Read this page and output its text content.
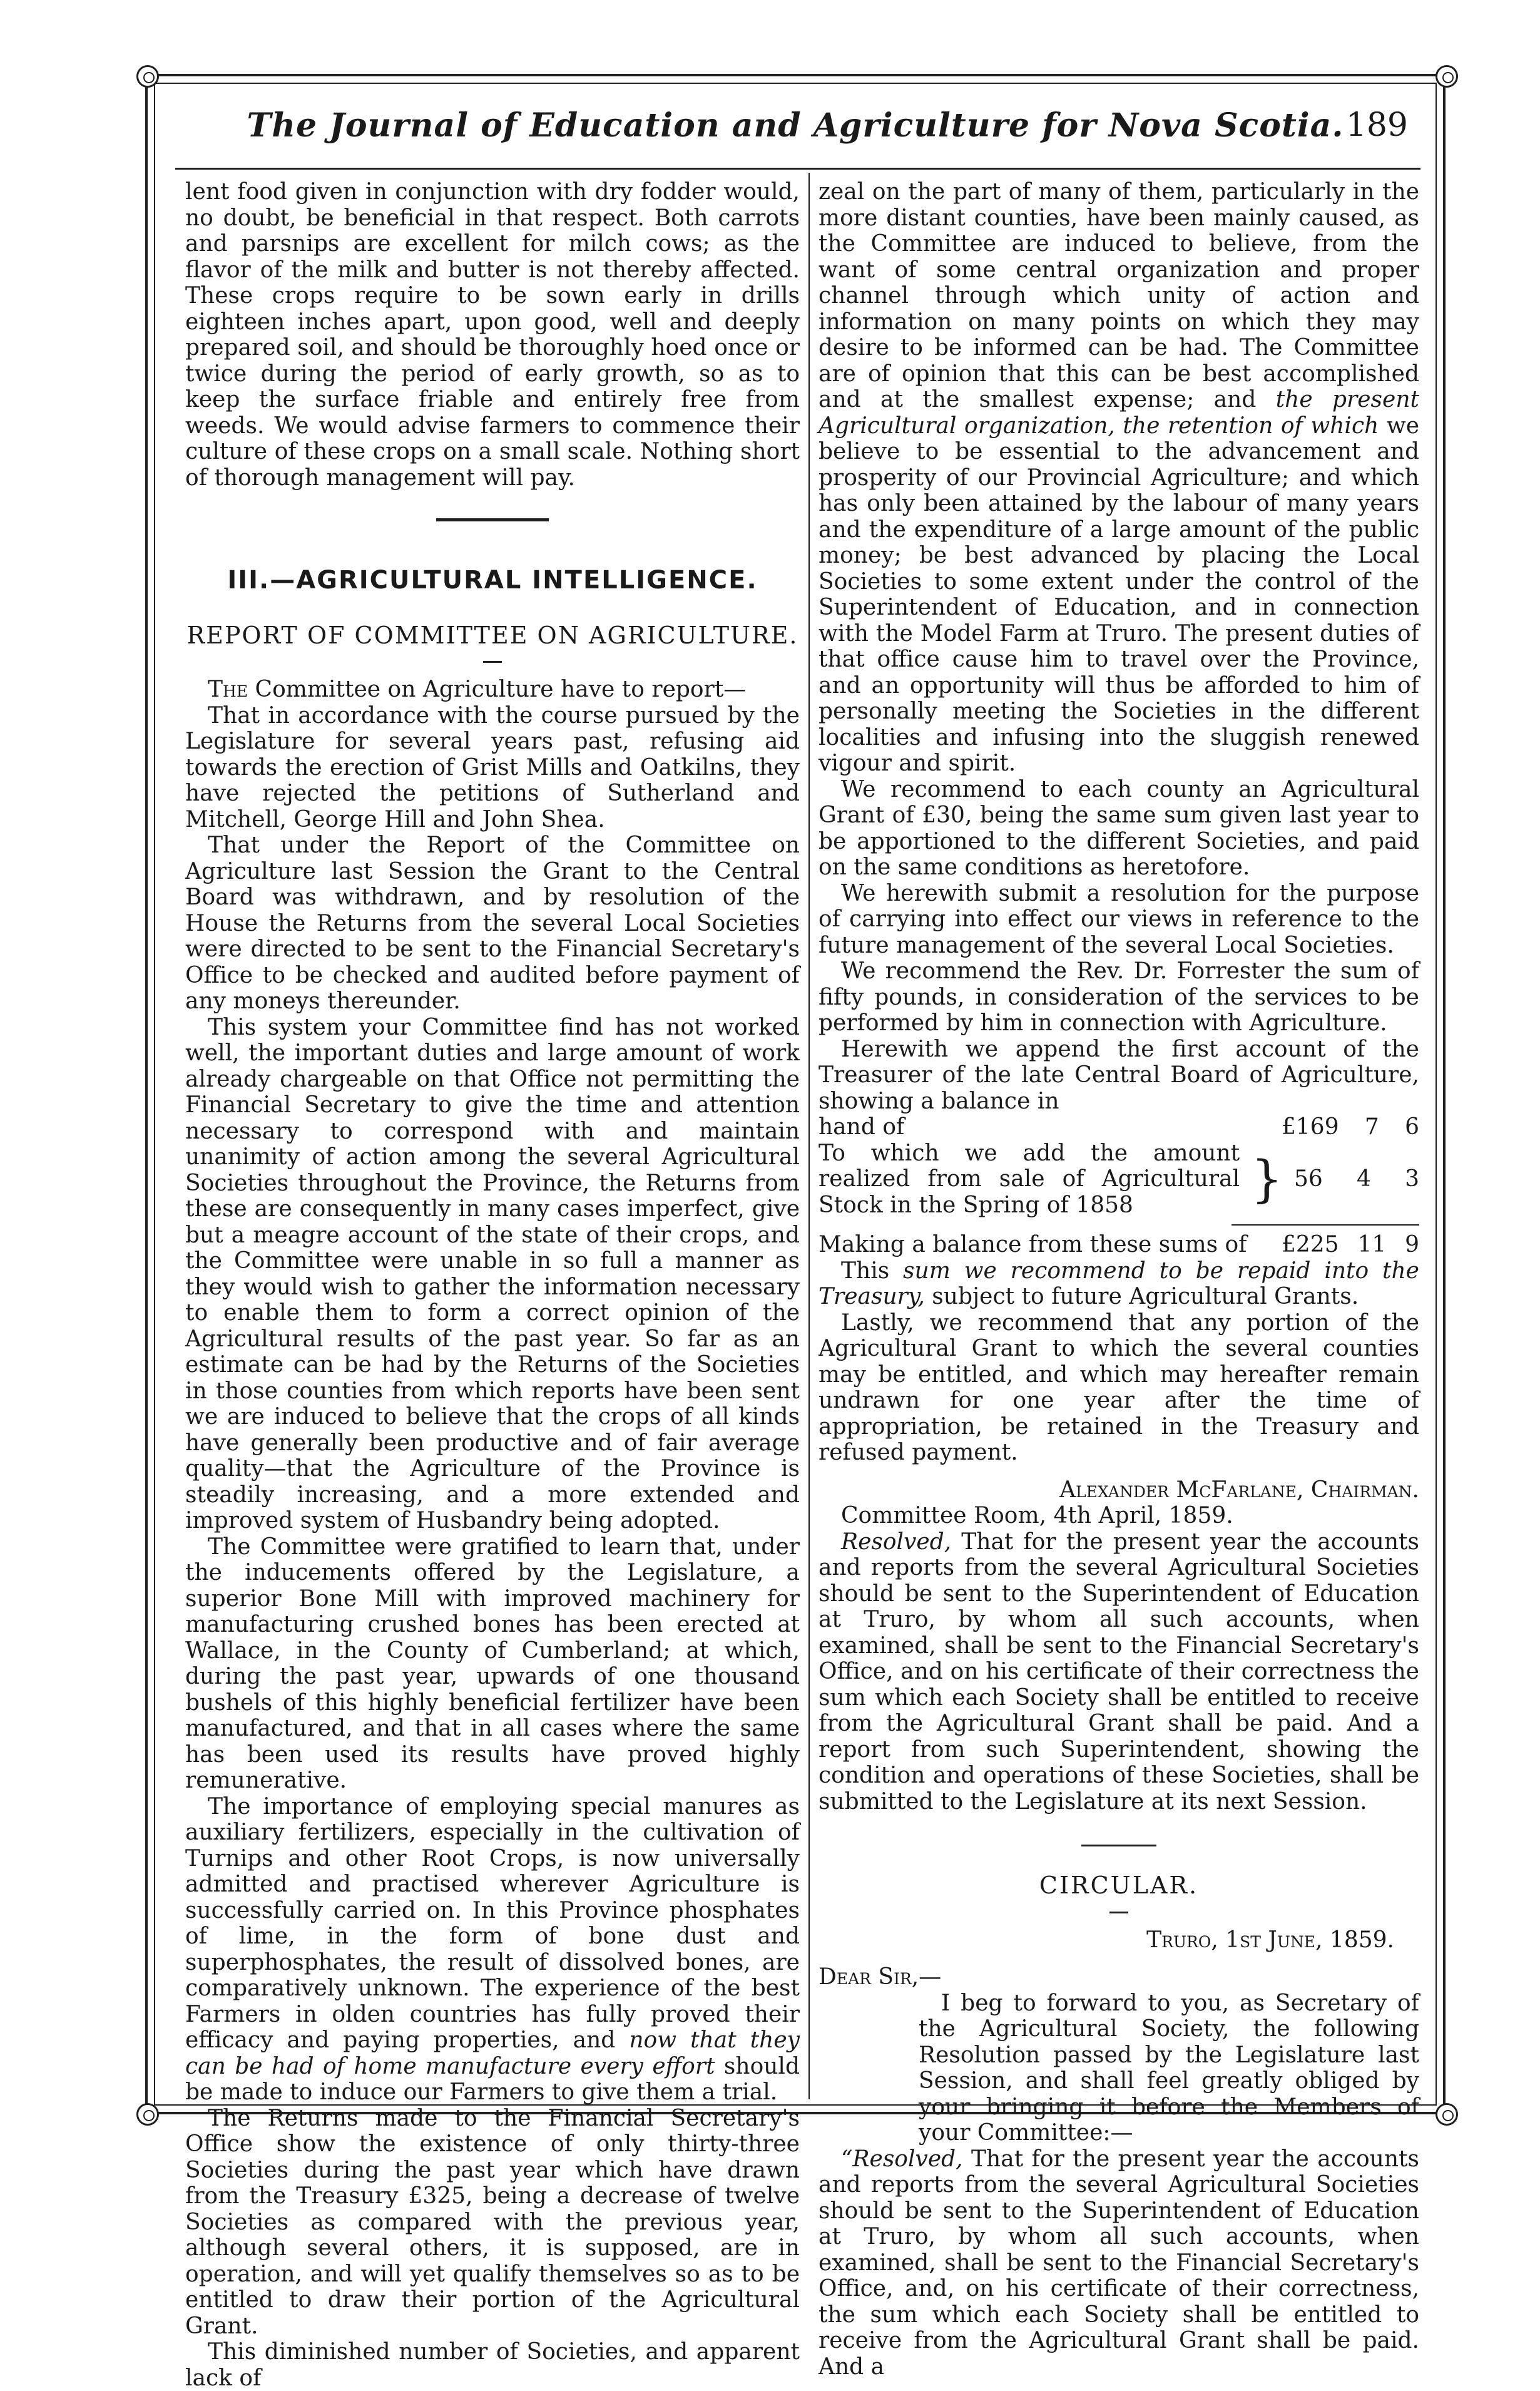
The Journal of Education and Agriculture for Nova Scotia. 189

lent food given in conjunction with dry fodder would, no doubt, be beneficial in that respect. Both carrots and parsnips are excellent for milch cows; as the flavor of the milk and butter is not thereby affected. These crops require to be sown early in drills eighteen inches apart, upon good, well and deeply prepared soil, and should be thoroughly hoed once or twice during the period of early growth, so as to keep the surface friable and entirely free from weeds. We would advise farmers to commence their culture of these crops on a small scale. Nothing short of thorough management will pay.

III.—AGRICULTURAL INTELLIGENCE.
REPORT OF COMMITTEE ON AGRICULTURE.

The Committee on Agriculture have to report—

That in accordance with the course pursued by the Legislature for several years past, refusing aid towards the erection of Grist Mills and Oatkilns, they have rejected the petitions of Sutherland and Mitchell, George Hill and John Shea.

That under the Report of the Committee on Agriculture last Session the Grant to the Central Board was withdrawn, and by resolution of the House the Returns from the several Local Societies were directed to be sent to the Financial Secretary's Office to be checked and audited before payment of any moneys thereunder.

This system your Committee find has not worked well, the important duties and large amount of work already chargeable on that Office not permitting the Financial Secretary to give the time and attention necessary to correspond with and maintain unanimity of action among the several Agricultural Societies throughout the Province, the Returns from these are consequently in many cases imperfect, give but a meagre account of the state of their crops, and the Committee were unable in so full a manner as they would wish to gather the information necessary to enable them to form a correct opinion of the Agricultural results of the past year. So far as an estimate can be had by the Returns of the Societies in those counties from which reports have been sent we are induced to believe that the crops of all kinds have generally been productive and of fair average quality—that the Agriculture of the Province is steadily increasing, and a more extended and improved system of Husbandry being adopted.

The Committee were gratified to learn that, under the inducements offered by the Legislature, a superior Bone Mill with improved machinery for manufacturing crushed bones has been erected at Wallace, in the County of Cumberland; at which, during the past year, upwards of one thousand bushels of this highly beneficial fertilizer have been manufactured, and that in all cases where the same has been used its results have proved highly remunerative.

The importance of employing special manures as auxiliary fertilizers, especially in the cultivation of Turnips and other Root Crops, is now universally admitted and practised wherever Agriculture is successfully carried on. In this Province phosphates of lime, in the form of bone dust and superphosphates, the result of dissolved bones, are comparatively unknown. The experience of the best Farmers in olden countries has fully proved their efficacy and paying properties, and now that they can be had of home manufacture every effort should be made to induce our Farmers to give them a trial.

The Returns made to the Financial Secretary's Office show the existence of only thirty-three Societies during the past year which have drawn from the Treasury £325, being a decrease of twelve Societies as compared with the previous year, although several others, it is supposed, are in operation, and will yet qualify themselves so as to be entitled to draw their portion of the Agricultural Grant.

This diminished number of Societies, and apparent lack of

zeal on the part of many of them, particularly in the more distant counties, have been mainly caused, as the Committee are induced to believe, from the want of some central organization and proper channel through which unity of action and information on many points on which they may desire to be informed can be had. The Committee are of opinion that this can be best accomplished and at the smallest expense; and the present Agricultural organization, the retention of which we believe to be essential to the advancement and prosperity of our Provincial Agriculture; and which has only been attained by the labour of many years and the expenditure of a large amount of the public money; be best advanced by placing the Local Societies to some extent under the control of the Superintendent of Education, and in connection with the Model Farm at Truro. The present duties of that office cause him to travel over the Province, and an opportunity will thus be afforded to him of personally meeting the Societies in the different localities and infusing into the sluggish renewed vigour and spirit.

We recommend to each county an Agricultural Grant of £30, being the same sum given last year to be apportioned to the different Societies, and paid on the same conditions as heretofore.

We herewith submit a resolution for the purpose of carrying into effect our views in reference to the future management of the several Local Societies.

We recommend the Rev. Dr. Forrester the sum of fifty pounds, in consideration of the services to be performed by him in connection with Agriculture.

Herewith we append the first account of the Treasurer of the late Central Board of Agriculture, showing a balance in

hand of	£169 7 6
To which we add the amount realized from sale of Agricultural Stock in the Spring of 1858	} 56 4 3
Making a balance from these sums of	£225 11 9

This sum we recommend to be repaid into the Treasury, subject to future Agricultural Grants.

Lastly, we recommend that any portion of the Agricultural Grant to which the several counties may be entitled, and which may hereafter remain undrawn for one year after the time of appropriation, be retained in the Treasury and refused payment.

Alexander McFarlane, Chairman.

Committee Room, 4th April, 1859.

Resolved, That for the present year the accounts and reports from the several Agricultural Societies should be sent to the Superintendent of Education at Truro, by whom all such accounts, when examined, shall be sent to the Financial Secretary's Office, and on his certificate of their correctness the sum which each Society shall be entitled to receive from the Agricultural Grant shall be paid. And a report from such Superintendent, showing the condition and operations of these Societies, shall be submitted to the Legislature at its next Session.

CIRCULAR.
Truro, 1st June, 1859.

Dear Sir,—

I beg to forward to you, as Secretary of the Agricultural Society, the following Resolution passed by the Legislature last Session, and shall feel greatly obliged by your bringing it before the Members of your Committee:—

“Resolved, That for the present year the accounts and reports from the several Agricultural Societies should be sent to the Superintendent of Education at Truro, by whom all such accounts, when examined, shall be sent to the Financial Secretary's Office, and, on his certificate of their correctness, the sum which each Society shall be entitled to receive from the Agricultural Grant shall be paid. And a
